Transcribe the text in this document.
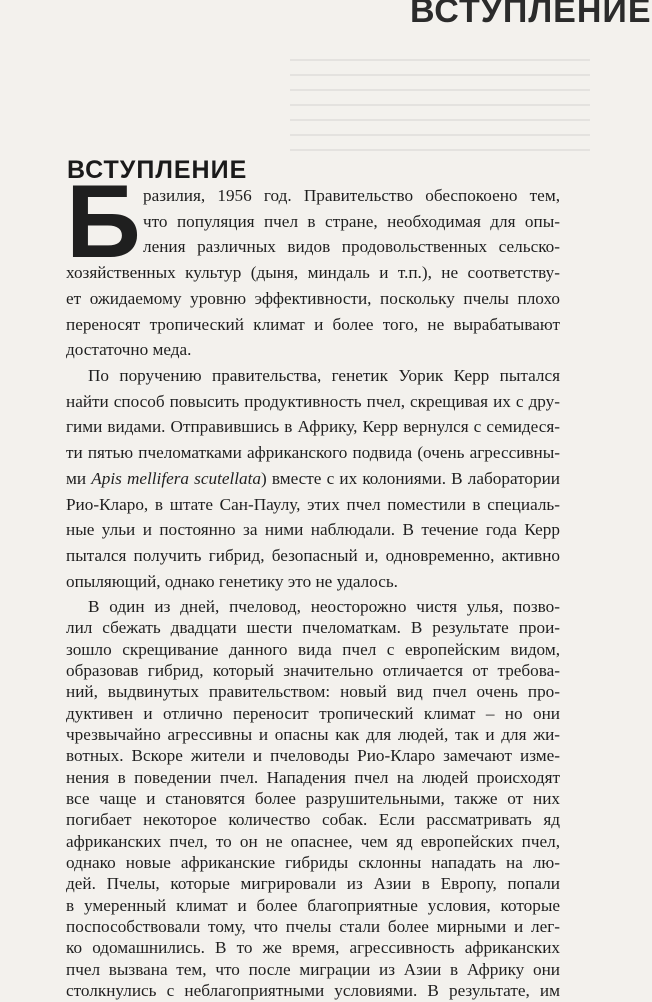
ВСТУПЛЕНИЕ
ВСТУПЛЕНИЕ
Б разилия, 1956 год. Правительство обеспокоено тем,
что популяция пчел в стране, необходимая для опы-
ления различных видов продовольственных сельско-
хозяйственных культур (дыня, миндаль и т.п.), не соответству-
ет ожидаемому уровню эффективности, поскольку пчелы плохо
переносят тропический климат и более того, не вырабатывают
достаточно меда.
По поручению правительства, генетик Уорик Керр пытался
найти способ повысить продуктивность пчел, скрещивая их с дру-
гими видами. Отправившись в Африку, Керр вернулся с семидеся-
ти пятью пчеломатками африканского подвида (очень агрессивны-
ми Apis mellifera scutellata) вместе с их колониями. В лаборатории
Рио-Кларо, в штате Сан-Паулу, этих пчел поместили в специаль-
ные ульи и постоянно за ними наблюдали. В течение года Керр
пытался получить гибрид, безопасный и, одновременно, активно
опыляющий, однако генетику это не удалось.
В один из дней, пчеловод, неосторожно чистя улья, позво-
лил сбежать двадцати шести пчеломаткам. В результате прои-
зошло скрещивание данного вида пчел с европейским видом,
образовав гибрид, который значительно отличается от требова-
ний, выдвинутых правительством: новый вид пчел очень про-
дуктивен и отлично переносит тропический климат – но они
чрезвычайно агрессивны и опасны как для людей, так и для жи-
вотных. Вскоре жители и пчеловоды Рио-Кларо замечают изме-
нения в поведении пчел. Нападения пчел на людей происходят
все чаще и становятся более разрушительными, также от них
погибает некоторое количество собак. Если рассматривать яд
африканских пчел, то он не опаснее, чем яд европейских пчел,
однако новые африканские гибриды склонны нападать на лю-
дей. Пчелы, которые мигрировали из Азии в Европу, попали
в умеренный климат и более благоприятные условия, которые
поспособствовали тому, что пчелы стали более мирными и лег-
ко одомашнились. В то же время, агрессивность африканских
пчел вызвана тем, что после миграции из Азии в Африку они
столкнулись с неблагоприятными условиями. В результате, им
